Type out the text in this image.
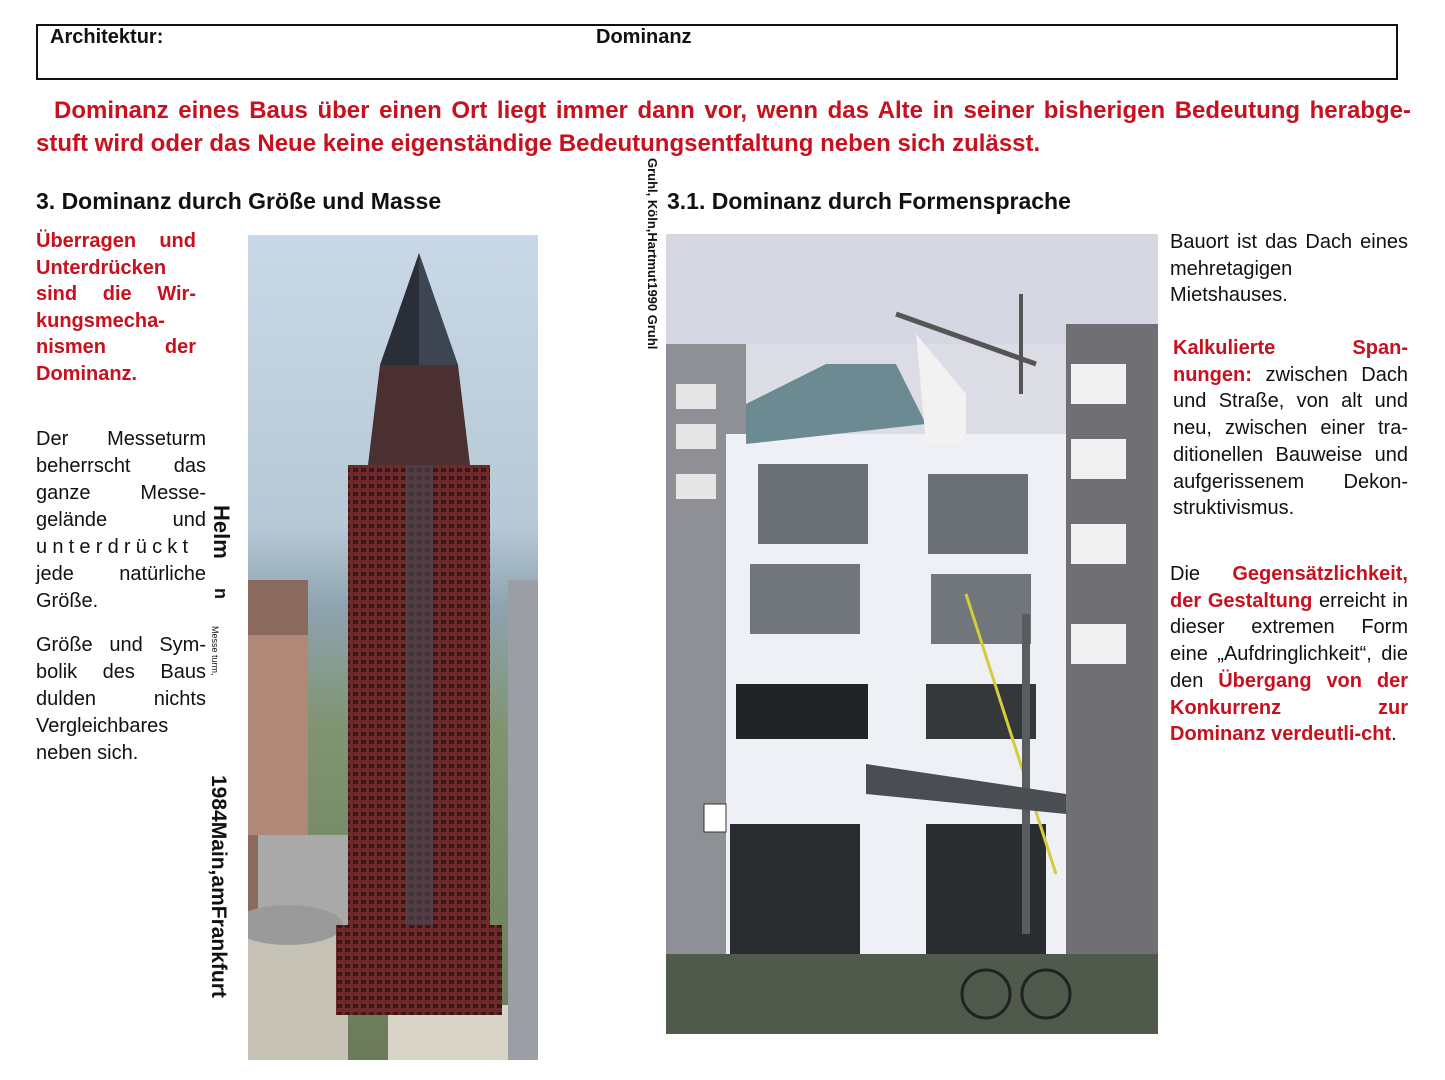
Architektur:	Dominanz
Dominanz eines Baus über einen Ort liegt immer dann vor, wenn das Alte in seiner bisherigen Bedeutung herabge-stuft wird oder das Neue keine eigenständige Bedeutungsentfaltung neben sich zulässt.
3. Dominanz durch Größe und Masse
Überragen und Unterdrücken sind die Wir-kungsmecha-nismen der Dominanz.
Der Messeturm beherrscht das ganze Messe-gelände und unterdrückt jede natürliche Größe.
Größe und Sym-bolik des Baus dulden nichts Vergleichbares neben sich.
Helm
n
Messe turm,
1984Main,amFrankfurt
Gruhl, Köln,Hartmut1990 Gruhl 3.1. Dominanz durch Formensprache
Bauort ist das Dach eines mehretagigen Mietshauses.
Kalkulierte Span-nungen: zwischen Dach und Straße, von alt und neu, zwischen einer tra-ditionellen Bauweise und aufgerissenem Dekon-struktivismus.
Die Gegensätzlichkeit, der Gestaltung erreicht in dieser extremen Form eine „Aufdringlichkeit“, die den Übergang von der Konkurrenz zur Dominanz verdeutli-cht.
